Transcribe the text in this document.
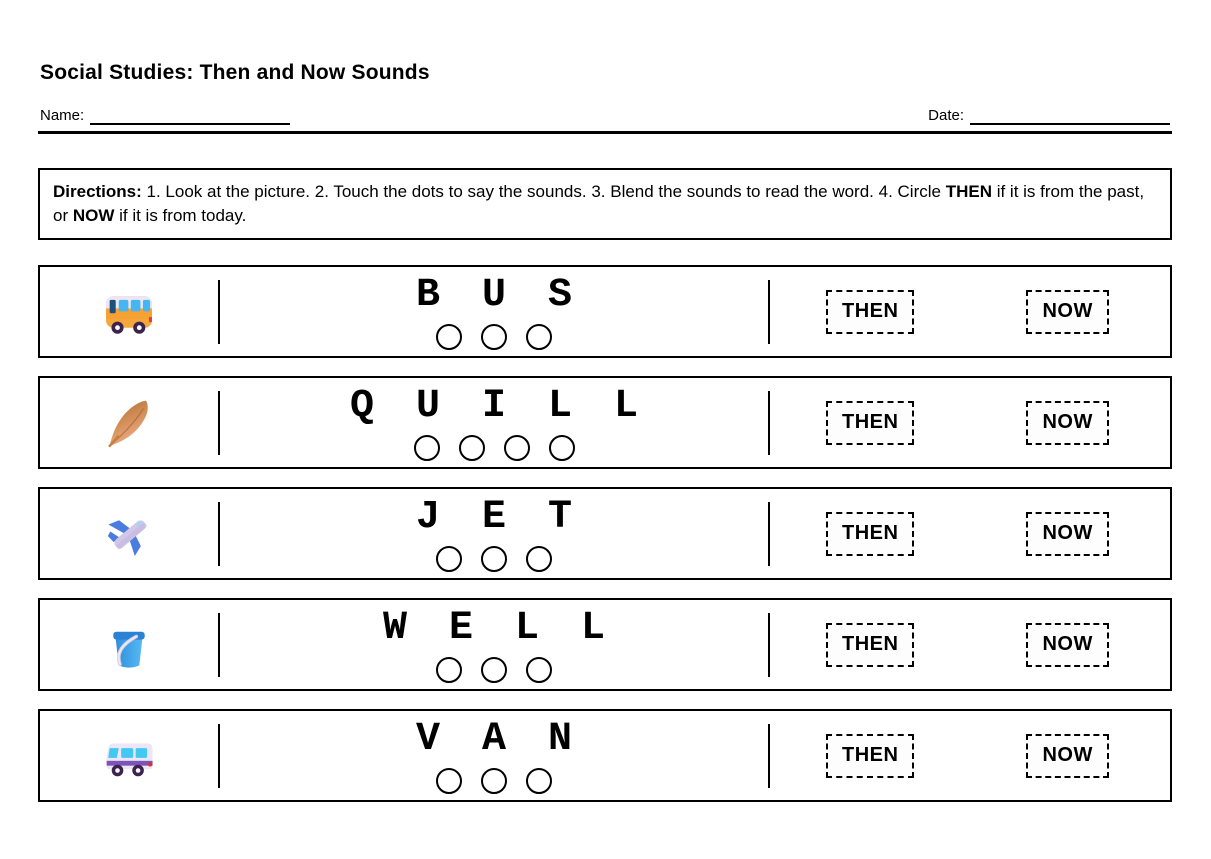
Social Studies: Then and Now Sounds
Name:	Date:
Directions: 1. Look at the picture. 2. Touch the dots to say the sounds. 3. Blend the sounds to read the word. 4. Circle THEN if it is from the past, or NOW if it is from today.
B	U	S	THEN	NOW
Q	U	I	L	L	THEN	NOW
J	E	T	THEN	NOW
W	E	L	L	THEN	NOW
V	A	N	THEN	NOW
